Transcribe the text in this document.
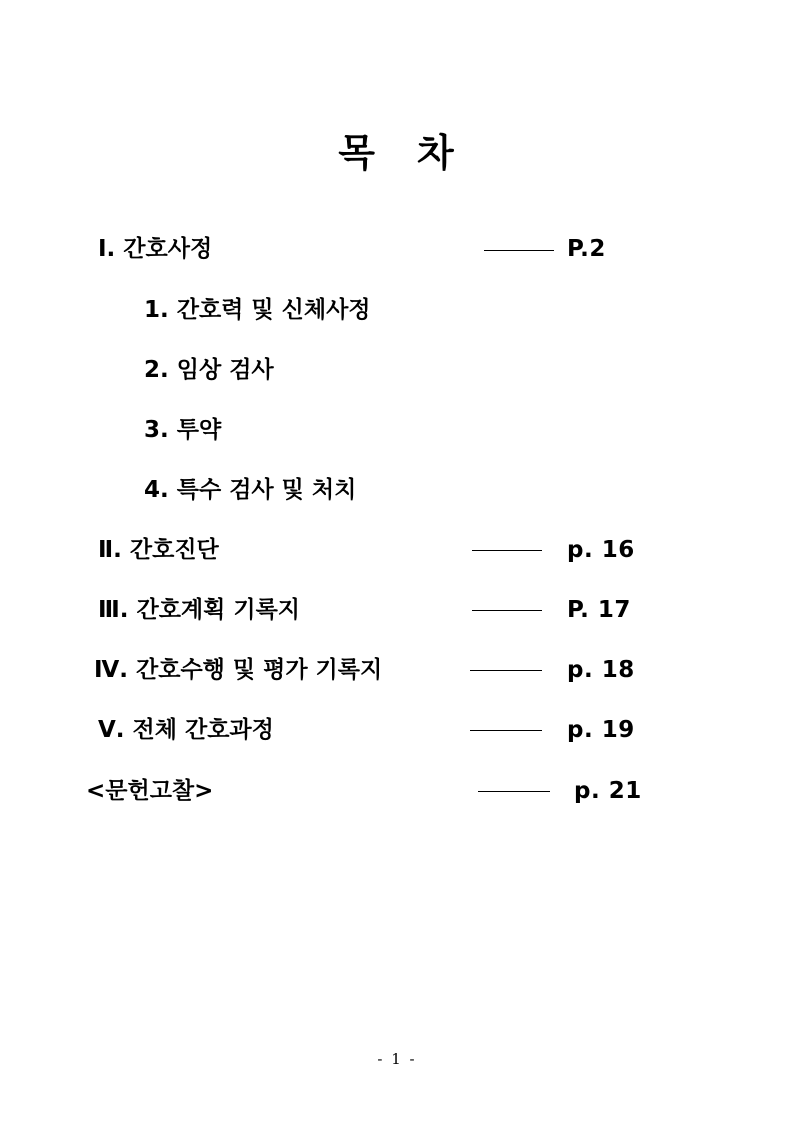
목 차
Ⅰ. 간호사정	P.2
1. 간호력 및 신체사정
2. 임상 검사
3. 투약
4. 특수 검사 및 처치
Ⅱ. 간호진단	p. 16
Ⅲ. 간호계획 기록지	P. 17
Ⅳ. 간호수행 및 평가 기록지	p. 18
Ⅴ. 전체 간호과정	p. 19
<문헌고찰>	p. 21
- 1 -
